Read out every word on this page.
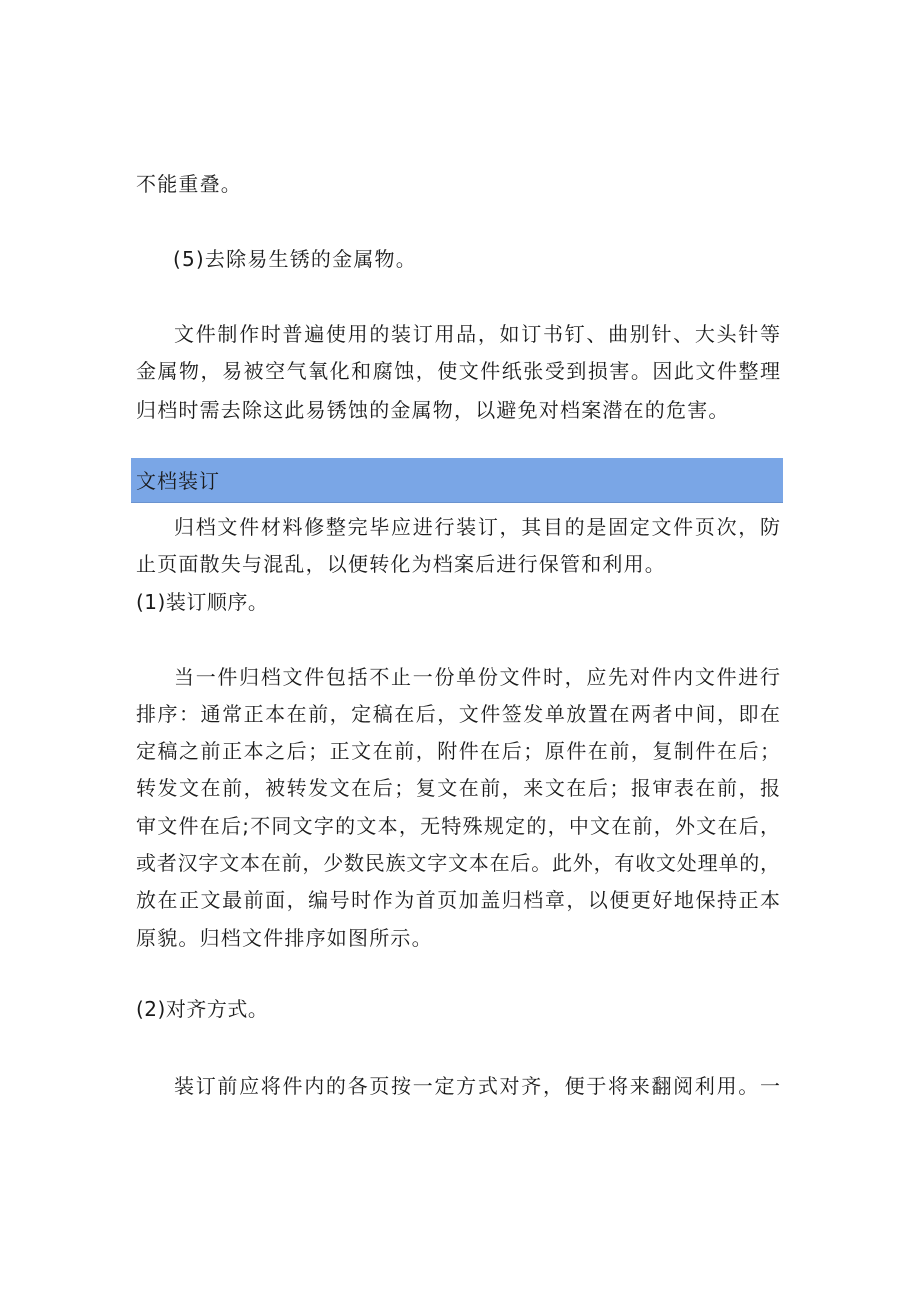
不能重叠。

(5)去除易生锈的金属物。

文件制作时普遍使用的装订用品，如订书钉、曲别针、大头针等

金属物，易被空气氧化和腐蚀，使文件纸张受到损害。因此文件整理

归档时需去除这此易锈蚀的金属物，以避免对档案潜在的危害。

文档装订

归档文件材料修整完毕应进行装订，其目的是固定文件页次，防

止页面散失与混乱，以便转化为档案后进行保管和利用。

(1)装订顺序。

当一件归档文件包括不止一份单份文件时，应先对件内文件进行

排序：通常正本在前，定稿在后，文件签发单放置在两者中间，即在

定稿之前正本之后；正文在前，附件在后；原件在前，复制件在后；

转发文在前，被转发文在后；复文在前，来文在后；报审表在前，报

审文件在后;不同文字的文本，无特殊规定的，中文在前，外文在后，

或者汉字文本在前，少数民族文字文本在后。此外，有收文处理单的，

放在正文最前面，编号时作为首页加盖归档章，以便更好地保持正本

原貌。归档文件排序如图所示。

(2)对齐方式。

装订前应将件内的各页按一定方式对齐，便于将来翻阅利用。一
